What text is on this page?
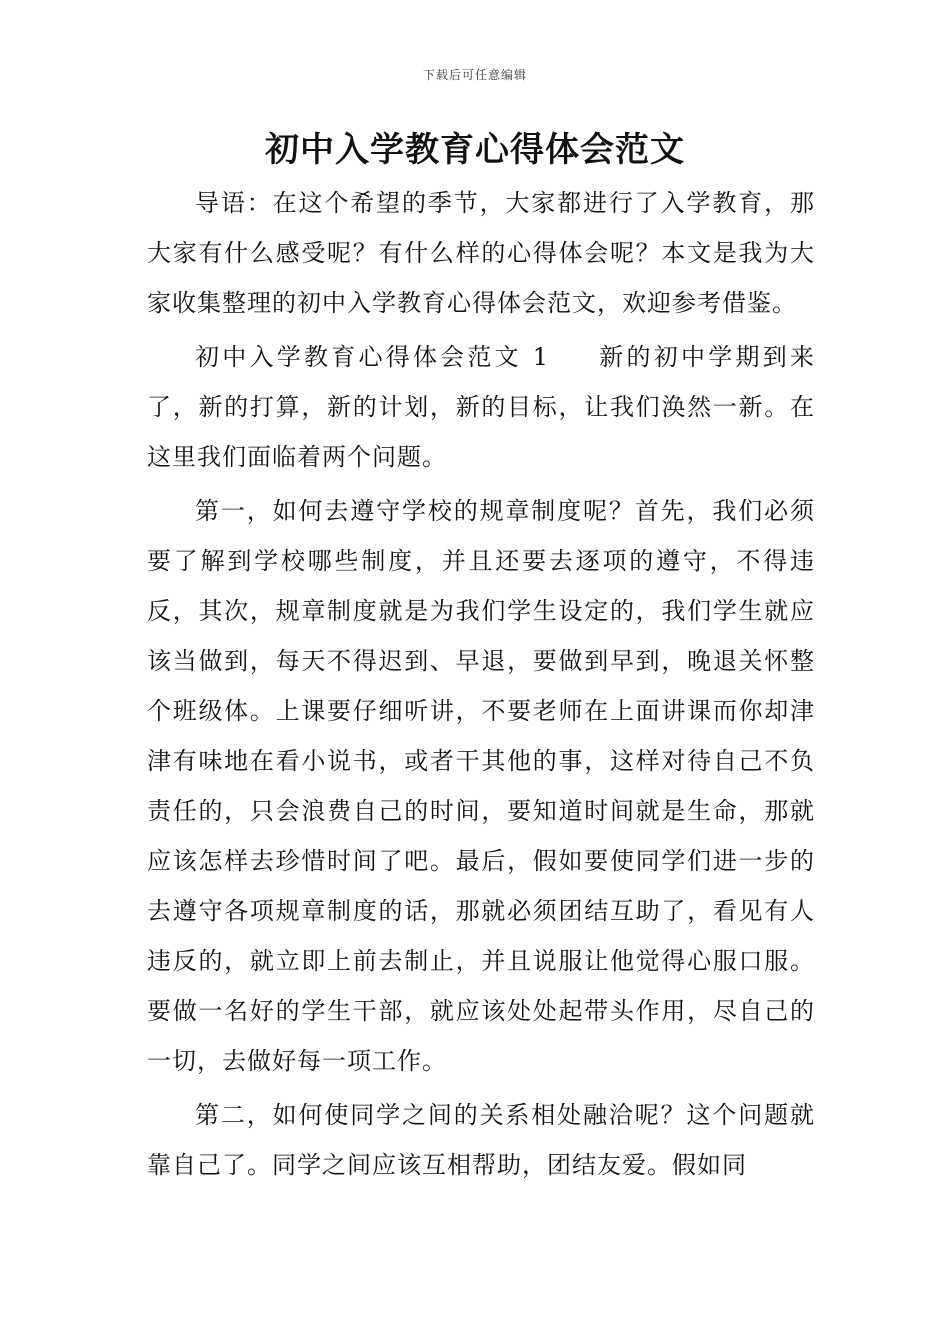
下载后可任意编辑
初中入学教育心得体会范文

导语：在这个希望的季节，大家都进行了入学教育，那大家有什么感受呢？有什么样的心得体会呢？本文是我为大家收集整理的初中入学教育心得体会范文，欢迎参考借鉴。

初中入学教育心得体会范文 1 新的初中学期到来了，新的打算，新的计划，新的目标，让我们涣然一新。在这里我们面临着两个问题。

第一，如何去遵守学校的规章制度呢？首先，我们必须要了解到学校哪些制度，并且还要去逐项的遵守，不得违反，其次，规章制度就是为我们学生设定的，我们学生就应该当做到，每天不得迟到、早退，要做到早到，晚退关怀整个班级体。上课要仔细听讲，不要老师在上面讲课而你却津津有味地在看小说书，或者干其他的事，这样对待自己不负责任的，只会浪费自己的时间，要知道时间就是生命，那就应该怎样去珍惜时间了吧。最后，假如要使同学们进一步的去遵守各项规章制度的话，那就必须团结互助了，看见有人违反的，就立即上前去制止，并且说服让他觉得心服口服。要做一名好的学生干部，就应该处处起带头作用，尽自己的一切，去做好每一项工作。

第二，如何使同学之间的关系相处融洽呢？这个问题就靠自己了。同学之间应该互相帮助，团结友爱。假如同
